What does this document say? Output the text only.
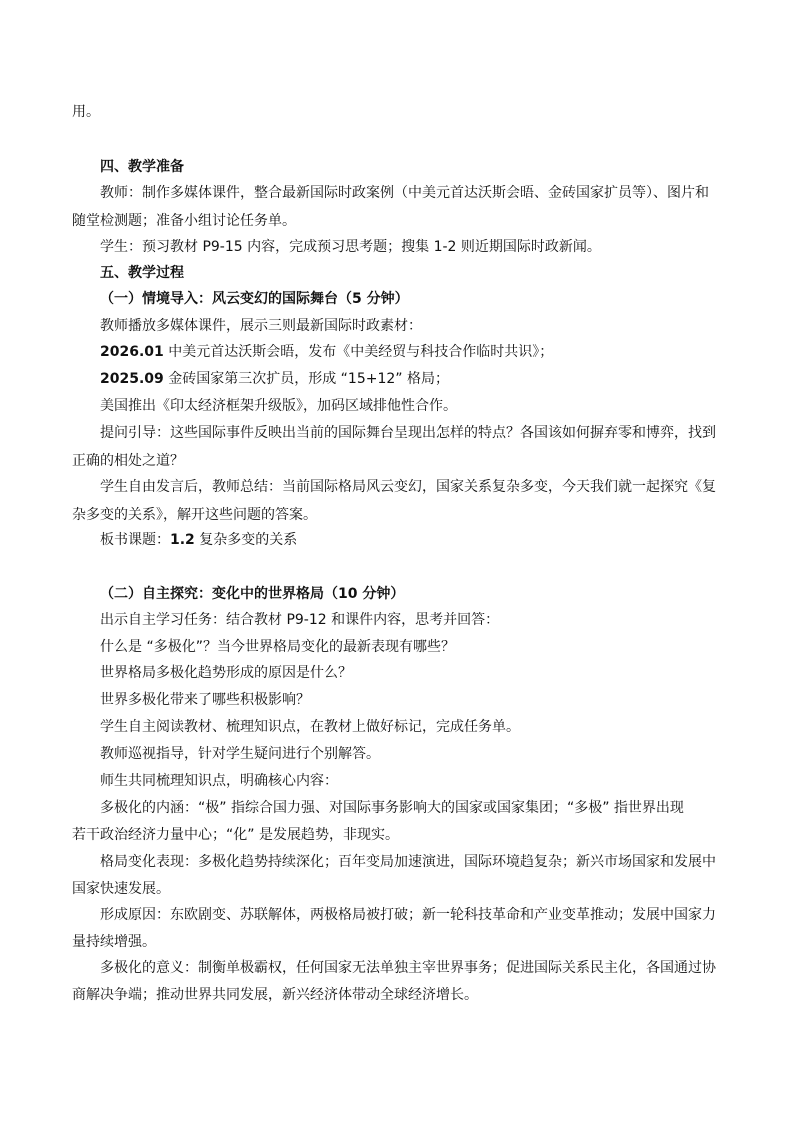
用。
四、教学准备
教师：制作多媒体课件，整合最新国际时政案例（中美元首达沃斯会晤、金砖国家扩员等）、图片和
随堂检测题；准备小组讨论任务单。
学生：预习教材 P9-15 内容，完成预习思考题；搜集 1-2 则近期国际时政新闻。
五、教学过程
（一）情境导入：风云变幻的国际舞台（5 分钟）
教师播放多媒体课件，展示三则最新国际时政素材：
2026.01 中美元首达沃斯会晤，发布《中美经贸与科技合作临时共识》；
2025.09 金砖国家第三次扩员，形成 “15+12” 格局；
美国推出《印太经济框架升级版》，加码区域排他性合作。
提问引导：这些国际事件反映出当前的国际舞台呈现出怎样的特点？各国该如何摒弃零和博弈，找到
正确的相处之道？
学生自由发言后，教师总结：当前国际格局风云变幻，国家关系复杂多变，今天我们就一起探究《复
杂多变的关系》，解开这些问题的答案。
板书课题：1.2 复杂多变的关系
（二）自主探究：变化中的世界格局（10 分钟）
出示自主学习任务：结合教材 P9-12 和课件内容，思考并回答：
什么是 “多极化”？当今世界格局变化的最新表现有哪些？
世界格局多极化趋势形成的原因是什么？
世界多极化带来了哪些积极影响？
学生自主阅读教材、梳理知识点，在教材上做好标记，完成任务单。
教师巡视指导，针对学生疑问进行个别解答。
师生共同梳理知识点，明确核心内容：
多极化的内涵：“极” 指综合国力强、对国际事务影响大的国家或国家集团；“多极” 指世界出现
若干政治经济力量中心；“化” 是发展趋势，非现实。
格局变化表现：多极化趋势持续深化；百年变局加速演进，国际环境趋复杂；新兴市场国家和发展中
国家快速发展。
形成原因：东欧剧变、苏联解体，两极格局被打破；新一轮科技革命和产业变革推动；发展中国家力
量持续增强。
多极化的意义：制衡单极霸权，任何国家无法单独主宰世界事务；促进国际关系民主化，各国通过协
商解决争端；推动世界共同发展，新兴经济体带动全球经济增长。
